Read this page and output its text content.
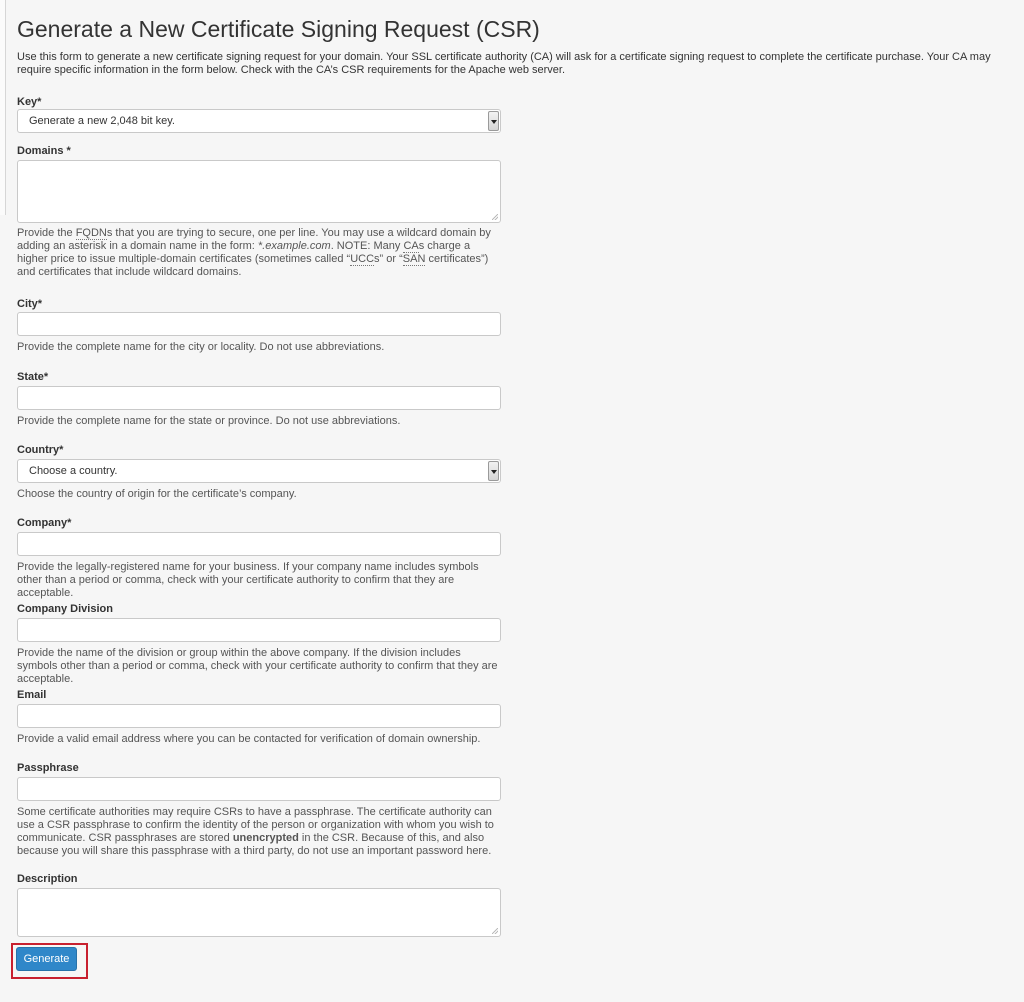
Generate a New Certificate Signing Request (CSR)

Use this form to generate a new certificate signing request for your domain. Your SSL certificate authority (CA) will ask for a certificate signing request to complete the certificate purchase. Your CA may require specific information in the form below. Check with the CA’s CSR requirements for the Apache web server.

Key*
Generate a new 2,048 bit key.
Domains *

Provide the FQDNs that you are trying to secure, one per line. You may use a wildcard domain by adding an asterisk in a domain name in the form: *.example.com. NOTE: Many CAs charge a higher price to issue multiple-domain certificates (sometimes called “UCCs” or “SAN certificates”) and certificates that include wildcard domains.

City*

Provide the complete name for the city or locality. Do not use abbreviations.

State*

Provide the complete name for the state or province. Do not use abbreviations.

Country*
Choose a country.

Choose the country of origin for the certificate’s company.

Company*

Provide the legally-registered name for your business. If your company name includes symbols other than a period or comma, check with your certificate authority to confirm that they are acceptable.

Company Division

Provide the name of the division or group within the above company. If the division includes symbols other than a period or comma, check with your certificate authority to confirm that they are acceptable.

Email

Provide a valid email address where you can be contacted for verification of domain ownership.

Passphrase

Some certificate authorities may require CSRs to have a passphrase. The certificate authority can use a CSR passphrase to confirm the identity of the person or organization with whom you wish to communicate. CSR passphrases are stored unencrypted in the CSR. Because of this, and also because you will share this passphrase with a third party, do not use an important password here.

Description
Generate
